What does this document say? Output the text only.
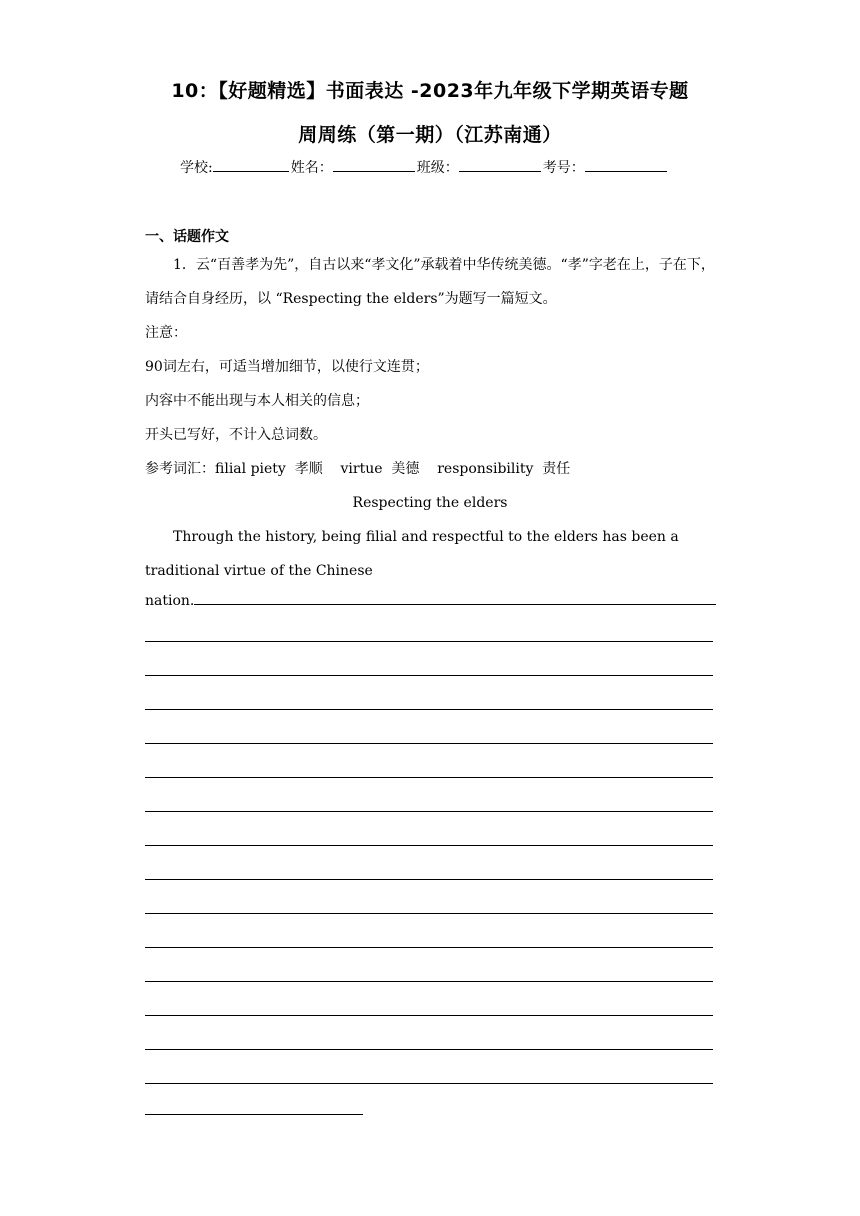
10：【好题精选】书面表达 -2023年九年级下学期英语专题
周周练（第一期）（江苏南通）
学校:	姓名：	班级：	考号：
一、话题作文
1．云“百善孝为先”，自古以来“孝文化”承载着中华传统美德。“孝”字老在上，子在下，请结合自身经历，以 “Respecting the elders”为题写一篇短文。
注意：
90词左右，可适当增加细节，以使行文连贯；
内容中不能出现与本人相关的信息；
开头已写好，不计入总词数。
参考词汇：filial piety  孝顺    virtue  美德    responsibility  责任
Respecting the elders
Through the history, being filial and respectful to the elders has been a traditional virtue of the Chinese
nation.
